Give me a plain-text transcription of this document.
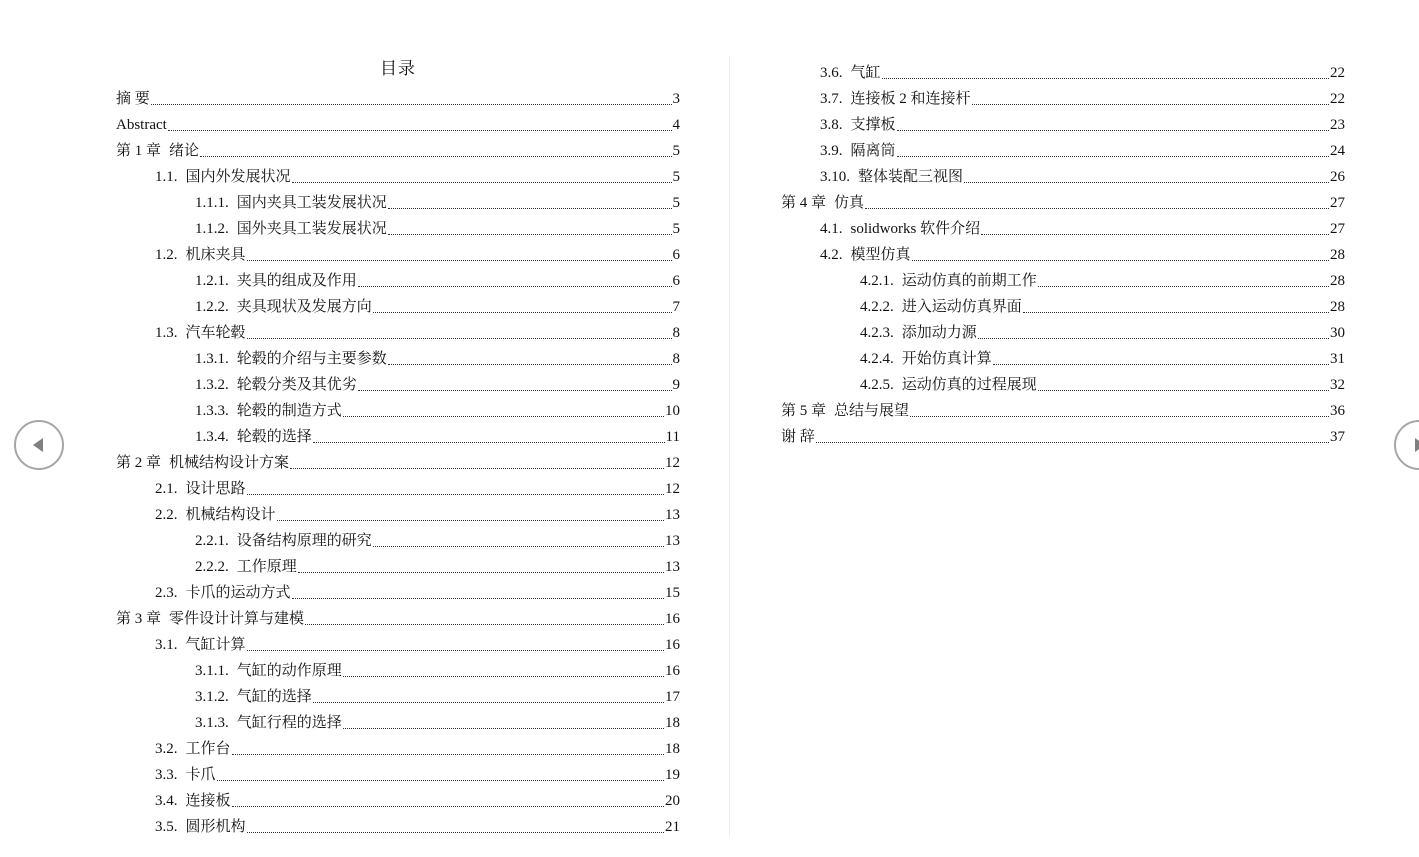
目录
摘 要	3
Abstract	4
第 1 章 绪论	5
1.1. 国内外发展状况	5
1.1.1. 国内夹具工装发展状况	5
1.1.2. 国外夹具工装发展状况	5
1.2. 机床夹具	6
1.2.1. 夹具的组成及作用	6
1.2.2. 夹具现状及发展方向	7
1.3. 汽车轮毂	8
1.3.1. 轮毂的介绍与主要参数	8
1.3.2. 轮毂分类及其优劣	9
1.3.3. 轮毂的制造方式	10
1.3.4. 轮毂的选择	11
第 2 章 机械结构设计方案	12
2.1. 设计思路	12
2.2. 机械结构设计	13
2.2.1. 设备结构原理的研究	13
2.2.2. 工作原理	13
2.3. 卡爪的运动方式	15
第 3 章 零件设计计算与建模	16
3.1. 气缸计算	16
3.1.1. 气缸的动作原理	16
3.1.2. 气缸的选择	17
3.1.3. 气缸行程的选择	18
3.2. 工作台	18
3.3. 卡爪	19
3.4. 连接板	20
3.5. 圆形机构	21
3.6. 气缸	22
3.7. 连接板 2 和连接杆	22
3.8. 支撑板	23
3.9. 隔离筒	24
3.10. 整体装配三视图	26
第 4 章 仿真	27
4.1. solidworks 软件介绍	27
4.2. 模型仿真	28
4.2.1. 运动仿真的前期工作	28
4.2.2. 进入运动仿真界面	28
4.2.3. 添加动力源	30
4.2.4. 开始仿真计算	31
4.2.5. 运动仿真的过程展现	32
第 5 章 总结与展望	36
谢 辞	37
